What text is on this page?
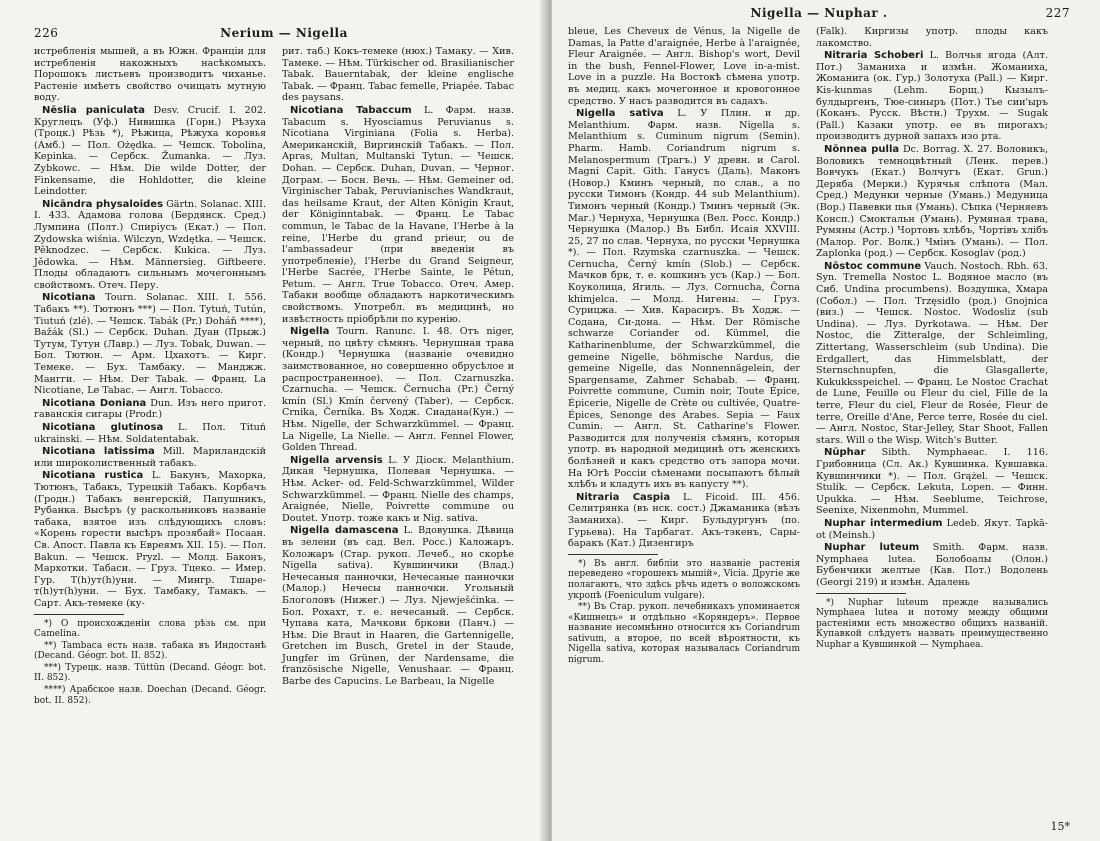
226	Nerium — Nigella

истребленія мышей, а въ Южн. Франціи для истребленія накожныхъ насѣкомыхъ. Порошокъ листьевъ производитъ чиханье. Растеніе имѣетъ свойство очищать мутную воду.

Nēslia paniculata Desv. Crucif. I. 202. Круглецъ (Уф.) Нивишка (Горн.) Рѣзуха (Троцк.) Рѣзь *), Рѣжица, Рѣжуха коровья (Амб.) — Пол. Ożędka. — Чешск. Tobolina, Kepinka. — Сербск. Žumanka. — Луз. Zybkowc. — Нѣм. Die wilde Dotter, der Finkensame, die Hohldotter, die kleine Leindotter.

Nicāndra physaloides Gärtn. Solanac. XIII. I. 433. Адамова голова (Бердянск. Сред.) Лумпина (Полт.) Спирiусъ (Екат.) — Пол. Zydowska wiśnia. Wilczyn, Wzdętka. — Чешск. Pěknodzec. — Сербск. Kukica. — Луз. Jědowka. — Нѣм. Männersieg. Giftbeere. Плоды обладаютъ сильнымъ мочегоннымъ свойствомъ. Отеч. Перу.

Nicotiana Tourn. Solanac. XIII. I. 556. Табакъ **). Тютюнъ ***) — Пол. Tytuń, Tutún, Tiutuń (zlé). — Чешск. Tabák (Pr.) Doháň ****), Bažák (Sl.) — Сербск. Duhan. Дуан (Прыж.) Тутум, Тутун (Лавр.) — Луз. Tobak, Duwan. — Бол. Тютюн. — Арм. Цхахотъ. — Кирг. Темеке. — Бух. Тамбаку. — Манджж. Mангги. — Нѣм. Der Tabak. — Франц. La Nicotiane, Le Tabac. — Англ. Tobacco.

Nicotiana Doniana Dun. Изъ него пригот. гаванскія сигары (Prodr.)

Nicotiana glutinosa L. Пол. Tituń ukrainski. — Нѣм. Soldatentabak.

Nicotiana latissima Mill. Мариландскій или широколиственный табакъ.

Nicotiana rustica L. Бакунъ, Махорка, Тютюнъ, Табакъ, Турецкій Табакъ. Корбачъ (Гродн.) Табакъ венгерскій, Папушникъ, Рубанка. Высѣръ (у раскольниковъ названіе табака, взятое изъ слѣдующихъ словъ: «Корень горести высѣръ прозябай» Посаан. Св. Апост. Павла къ Евреямъ XII. 15). — Пол. Bakun. — Чешск. Pryzl. — Молд. Баконъ, Мархотки. Табаси. — Груз. Тцеко. — Имер. Гур. Т(h)ут(h)уни. — Мингр. Тшаре- т(h)ут(h)уни. — Буx. Тамбаку, Тамакъ. — Сарт. Акъ-темеке (ку-

*) О происхожденіи слова рѣзь см. при Camelina.

**) Tambaca есть назв. табака въ Индостанѣ (Decand. Géogr. bot. II. 852).

***) Турецк. назв. Tüttün (Decand. Géogr. bot. II. 852).

****) Арабское назв. Doechan (Decand. Géogr. bot. II. 852).

рит. таб.) Кокъ-темеке (нюх.) Тамаку. — Хив. Тамеке. — Нѣм. Türkischer od. Brasilianischer Tabak. Bauerntabak, der kleine englische Tabak. — Франц. Tabac femelle, Priapée. Tabac des paysans.

Nicotiana Tabaccum L. Фарм. назв. Tabacum s. Hyosciamus Peruvianus s. Nicotiana Virginiana (Folia s. Herba). Американскій, Виргинскій Табакъ. — Пол. Apras, Multan, Multanski Tytun. — Чешск. Dohan. — Сербск. Duhan, Duvan. — Черног. Дограм. — Босн. Вечь. — Нѣм. Gemeiner od. Virginischer Tabak, Peruvianisches Wandkraut, das heilsame Kraut, der Alten Königin Kraut, der Königinntabak. — Франц. Le Tabac commun, le Tabac de la Havane, l'Herbe à la reine, l'Herbe du grand prieur, ou de l'ambassadeur (при введеніи въ употребленіе), l'Herbe du Grand Seigneur, l'Herbe Sacrée, l'Herbe Sainte, le Pétun, Petum. — Англ. True Tobacco. Отеч. Амер. Табаки вообще обладаютъ наркотическимъ свойствомъ. Употребл. въ медицинѣ, но извѣстность пріобрѣли по куренію.

Nigella Tourn. Ranunc. I. 48. Отъ niger, черный, по цвѣту сѣмянъ. Чернушная трава (Кондр.) Чернушка (названіе очевидно заимствованное, но совершенно обрусѣлое и распространенное). — Пол. Czarnuszka. Czarnucha. — Чешск. Černucha (Pr.) Černý kmín (Sl.) Kmín červený (Taber). — Сербск. Crnika, Černíka. Въ Ходж. Сиаданa(Кун.) — Нѣм. Nigelle, der Schwarzkümmel. — Франц. La Nigelle, La Nielle. — Англ. Fennel Flower, Golden Thread.

Nigella arvensis L. У Діоск. Melanthium. Дикая Чернушка, Полевая Чернушка. — Нѣм. Acker- od. Feld-Schwarzkümmel, Wilder Schwarzkümmel. — Франц. Nielle des champs, Araignée, Nielle, Poivrette commune ou Doutet. Употр. тоже какъ и Nig. sativa.

Nigella damascena L. Вдовушка. Дѣвица въ зелени (въ сад. Вел. Росс.) Каложаръ. Коложаръ (Стар. рукоп. Лечеб., но скорѣе Nigella sativa). Кувшинчики (Влад.) Нечесаныя панночки, Нечесаные панночки (Малор.) Нечесы панночки. Угольный Блоголовъ (Нижег.) — Луз. Njewješćinka. — Бол. Рохахт, т. е. нечесаный. — Сербск. Чупава ката, Мачкови бркови (Панч.) — Нѣм. Die Braut in Haaren, die Gartennigelle, Gretchen im Busch, Gretel in der Staude, Jungfer im Grünen, der Nardensame, die französische Nigelle, Venushaar. — Франц. Barbe des Capucins. Le Barbeau, la Nigelle

Nigella — Nuphar .	227

bleue, Les Cheveux de Vénus, la Nigelle de Damas, la Patte d'araignée, Herbe à l'araignée, Fleur Araignée. — Англ. Bishop's wort, Devil in the bush, Fennel-Flower, Love in-a-mist. Love in a puzzle. На Востокѣ сѣмена употр. въ медиц. какъ мочегонное и кровогонное средство. У насъ разводится въ садахъ.

Nigella sativa L. У Плин. и др. Melanthium. Фарм. назв. Nigella s. Melanthium s. Cuminum nigrum (Semin). Pharm. Hamb. Coriandrum nigrum s. Melanospermum (Трагъ.) У древн. и Carol. Magni Capit. Gith. Гануcъ (Даль). Маконъ (Новор.) Кминъ черный, по слав., а по русски Тимонъ (Кондр. 44 sub Melanthium). Тимонъ черный (Кондр.) Тминъ черный (Эк. Маг.) Чернуха, Чернушка (Вел. Росс. Кондр.) Чернушка (Малор.) Въ Библ. Исаія XXVIII. 25, 27 по слав. Чернуха, по русски Чернушка *). — Пол. Rzymska czarnuszka. — Чешск. Cernucha, Černý kmín (Slob.) — Сербск. Мачков брк, т. е. кошкинъ усъ (Кар.) — Бол. Коуколица, Ягиль. — Луз. Cornucha, Čorna khimjelca. — Молд. Нигены. — Груз. Сурицжа. — Хив. Карасиръ. Въ Ходж. — Содана, Си-дона. — Нѣм. Der Römische schwarze Coriander od. Kümmel, die Katharinenblume, der Schwarzkümmel, die gemeine Nigelle, böhmische Nardus, die gemeine Nigelle, das Nonnennägelein, der Spargensame, Zahmer Schabab. — Франц. Poivrette commune, Cumin noir, Toute Épice, Épicerie, Nigelle de Crète ou cultivée, Quatre-Épices, Senonge des Arabes. Sepia — Faux Cumin. — Англ. St. Catharine's Flower. Разводится для полученія сѣмянъ, которыя употр. въ народной медицинѣ отъ женскихъ болѣзней и какъ средство отъ запора мочи. На Югѣ Россіи сѣменами посыпаютъ бѣлый хлѣбъ и кладутъ ихъ въ капусту **).

Nitraria Caspia L. Ficoid. III. 456. Селитрянка (въ нск. сост.) Джаманика (вѣзъ Заманиха). — Кирг. Бульдургунъ (по. Гурьева). На Тарбагат. Акъ-тэкенъ, Сары-баракъ (Кат.) Дизенгиръ

*) Въ англ. библіи это названіе растенія переведено «горошекъ мышій», Vicia. Другіе же полагаютъ, что здѣсь рѣчь идетъ о воложскомъ укропѣ (Foeniculum vulgare).

**) Въ Стар. рукоп. лечебникахъ упоминается «Кишнецъ» и отдѣльно «Коряндеръ». Первое название несомнѣнно относится къ Coriandrum sativum, а второе, по всей вѣроятности, къ Nigella sativa, которая называлась Coriandrum nigrum.

(Falk). Киргизы употр. плоды какъ лакомство.

Nitraria Schoberi L. Волчья ягода (Алт. Пот.) Заманиха и измѣн. Жоманиха, Жоманига (ок. Гур.) Золотуха (Pall.) — Кирг. Kis-kunmas (Lehm. Борщ.) Кызылъ-булдыргенъ, Тюе-синыръ (Пот.) Тье сии'ыръ (Коканъ. Русск. Вѣстн.) Трухм. — Sugak (Pall.) Казаки употр. ее въ пирогахъ; производитъ дурной запахъ изо рта.

Nōnnea pulla Dc. Borrag. X. 27. Воловикъ, Воловикъ темноцвѣтный (Ленк. перев.) Вовчукъ (Екат.) Волчугъ (Екат. Grun.) Деряба (Мерки.) Курячья слѣпота (Мал. Сред.) Медунки черные (Умань.) Медуница (Вор.) Павевки пья (Умань). Сѣпка (Черняевъ Консп.) Смоктальн (Умань). Румяная трава, Румяны (Астр.) Чортовъ хлѣбъ, Чортівъ хлібъ (Малор. Рог. Волк.) Чмінъ (Умань). — Пол. Zaplonka (род.) — Сербск. Kosoglav (род.)

Nōstoc commune Vauch. Nostoch. Rbh. 63. Syn. Tremella Nostoc L. Водяное масло (въ Сиб. Undina procumbens). Воздушка, Хмара (Собол.) — Пол. Trzęsidło (род.) Gnojnica (виз.) — Чешск. Nostoc. Wodosliz (sub Undina). — Луз. Dyrkotawa. — Нѣм. Der Nostoc, die Zitteralge, der Schleimling, Zittertang, Wasserschleim (sub Undina). Die Erdgallert, das Himmelsblatt, der Sternschnupfen, die Glasgallerte, Kukukksspeichel. — Франц. Le Nostoc Crachat de Lune, Feuille ou Fleur du ciel, Fille de la terre, Fleur du ciel, Fleur de Rosée, Fleur de terre, Oreille d'Ane, Perce terre, Rosée du ciel. — Англ. Nostoc, Star-Jelley, Star Shoot, Fallen stars. Will o the Wisp. Witch's Butter.

Nūphar Sibth. Nymphaeac. I. 116. Грибовница (Сл. Ак.) Кувшинка. Кувшавка. Кувшинчики *). — Пол. Grążel. — Чешск. Stulík. — Сербск. Lekuta, Lopen. — Финн. Upukka. — Нѣм. Seeblume, Teichrose, Seenixe, Nixenmohn, Mummel.

Nuphar intermedium Ledeb. Якут. Tapkā-ot (Meinsh.)

Nuphar luteum Smith. Фарм. назв. Nymphaea lutea. Болобоалы (Олон.) Бубенчики желтые (Кав. Пот.) Водолень (Georgi 219) и измѣн. Адалень

*) Nuphar luteum прежде назывались Nymphaea lutea и потому между общими растеніями есть множество общихъ названій. Купавкой слѣдуетъ назвать преимущественно Nuphar а Кувшинкой — Nymphaea.

15*
